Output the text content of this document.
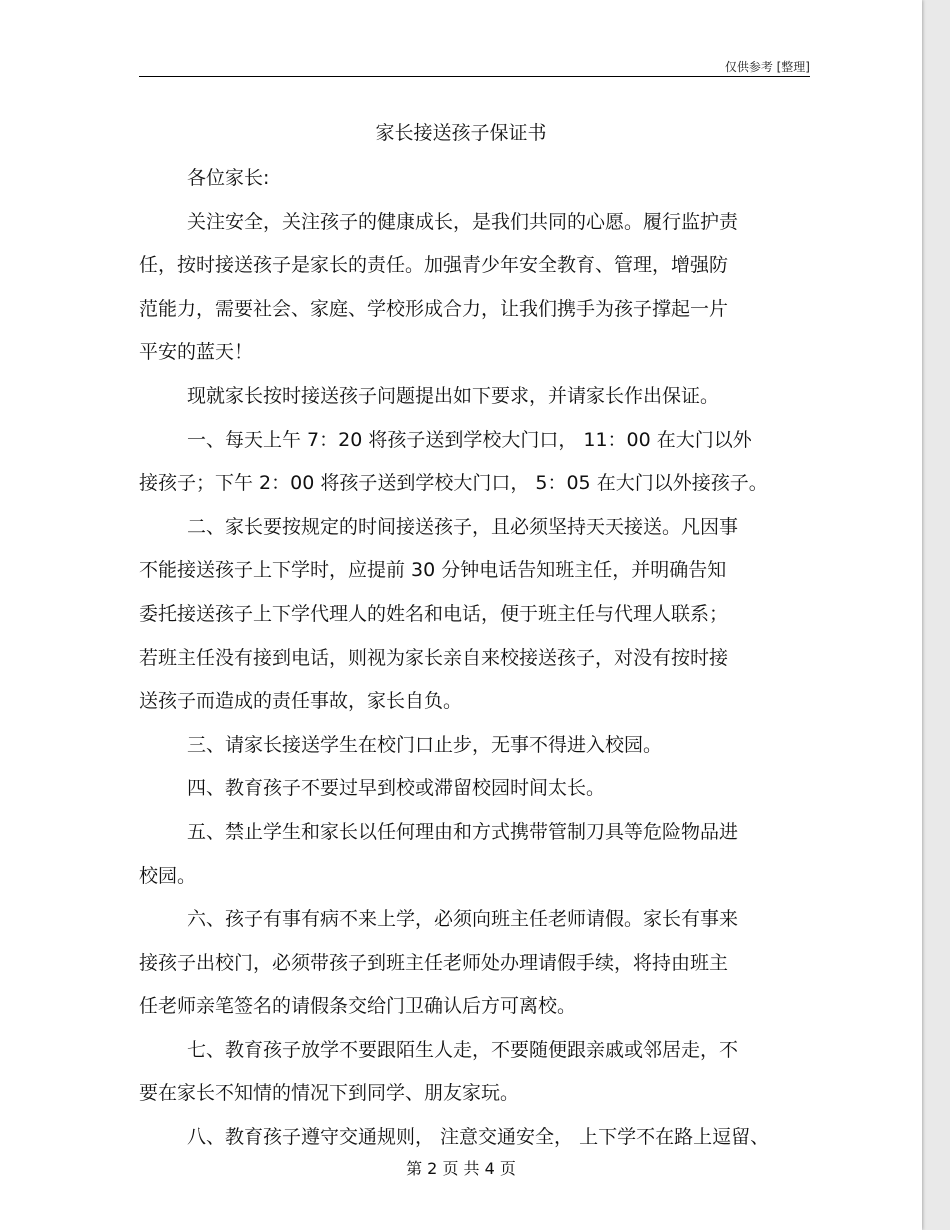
仅供参考 [整理]
家长接送孩子保证书

各位家长:

关注安全，关注孩子的健康成长，是我们共同的心愿。履行监护责

任，按时接送孩子是家长的责任。加强青少年安全教育、管理，增强防

范能力，需要社会、家庭、学校形成合力，让我们携手为孩子撑起一片

平安的蓝天！

现就家长按时接送孩子问题提出如下要求，并请家长作出保证。

一、每天上午 7：20 将孩子送到学校大门口， 11：00 在大门以外

接孩子；下午 2：00 将孩子送到学校大门口， 5：05 在大门以外接孩子。

二、家长要按规定的时间接送孩子，且必须坚持天天接送。凡因事

不能接送孩子上下学时，应提前 30 分钟电话告知班主任，并明确告知

委托接送孩子上下学代理人的姓名和电话，便于班主任与代理人联系；

若班主任没有接到电话，则视为家长亲自来校接送孩子，对没有按时接

送孩子而造成的责任事故，家长自负。

三、请家长接送学生在校门口止步，无事不得进入校园。

四、教育孩子不要过早到校或滞留校园时间太长。

五、禁止学生和家长以任何理由和方式携带管制刀具等危险物品进

校园。

六、孩子有事有病不来上学，必须向班主任老师请假。家长有事来

接孩子出校门，必须带孩子到班主任老师处办理请假手续，将持由班主

任老师亲笔签名的请假条交给门卫确认后方可离校。

七、教育孩子放学不要跟陌生人走，不要随便跟亲戚或邻居走，不

要在家长不知情的情况下到同学、朋友家玩。

八、教育孩子遵守交通规则， 注意交通安全， 上下学不在路上逗留、

第 2 页 共 4 页
